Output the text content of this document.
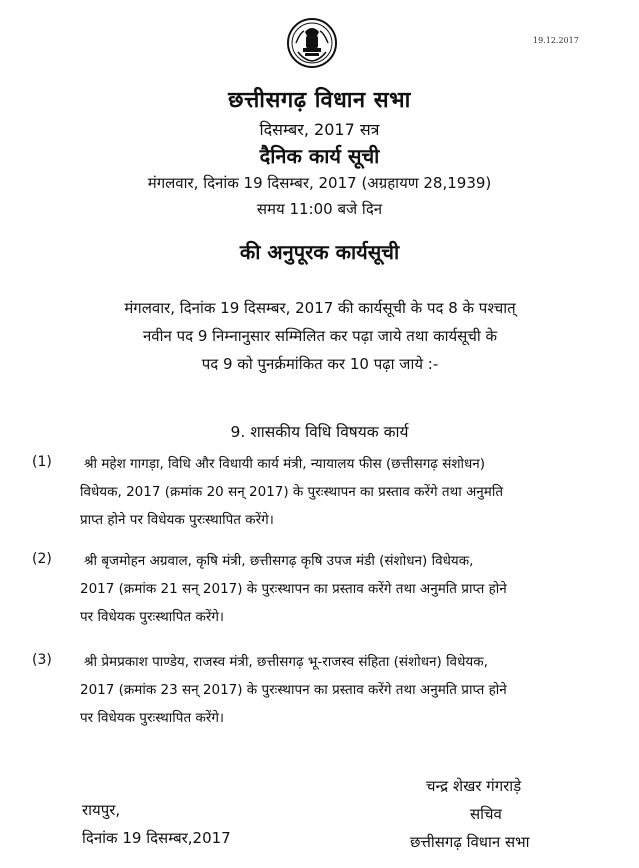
19.12.2017
छत्तीसगढ़ विधान सभा
दिसम्बर, 2017 सत्र
दैनिक कार्य सूची
मंगलवार, दिनांक 19 दिसम्बर, 2017 (अग्रहायण 28,1939)
समय 11:00 बजे दिन
की अनुपूरक कार्यसूची
मंगलवार, दिनांक 19 दिसम्बर, 2017 की कार्यसूची के पद 8 के पश्चात्
नवीन पद 9 निम्नानुसार सम्मिलित कर पढ़ा जाये तथा कार्यसूची के
पद 9 को पुनर्क्रमांकित कर 10 पढ़ा जाये :-
9. शासकीय विधि विषयक कार्य
(1) श्री महेश गागड़ा, विधि और विधायी कार्य मंत्री, न्यायालय फीस (छत्तीसगढ़ संशोधन)
विधेयक, 2017 (क्रमांक 20 सन् 2017) के पुरःस्थापन का प्रस्ताव करेंगे तथा अनुमति
प्राप्त होने पर विधेयक पुरःस्थापित करेंगे।
(2) श्री बृजमोहन अग्रवाल, कृषि मंत्री, छत्तीसगढ़ कृषि उपज मंडी (संशोधन) विधेयक,
2017 (क्रमांक 21 सन् 2017) के पुरःस्थापन का प्रस्ताव करेंगे तथा अनुमति प्राप्त होने
पर विधेयक पुरःस्थापित करेंगे।
(3) श्री प्रेमप्रकाश पाण्डेय, राजस्व मंत्री, छत्तीसगढ़ भू-राजस्व संहिता (संशोधन) विधेयक,
2017 (क्रमांक 23 सन् 2017) के पुरःस्थापन का प्रस्ताव करेंगे तथा अनुमति प्राप्त होने
पर विधेयक पुरःस्थापित करेंगे।
रायपुर,
दिनांक 19 दिसम्बर,2017
चन्द्र शेखर गंगराड़े
सचिव
छत्तीसगढ़ विधान सभा
